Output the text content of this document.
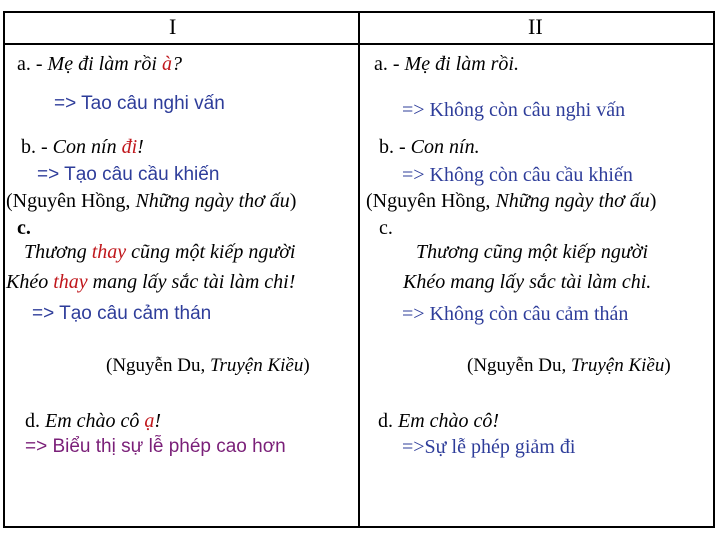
I	II
a. - Mẹ đi làm rồi à?
=> Tao câu nghi vấn
b. - Con nín đi!
=> Tạo câu cầu khiến
(Nguyên Hồng, Những ngày thơ ấu)
c.
Thương thay cũng một kiếp người
Khéo thay mang lấy sắc tài làm chi!
=> Tạo câu cảm thán
(Nguyễn Du, Truyện Kiều)
d. Em chào cô ạ!
=> Biểu thị sự lễ phép cao hơn
a. - Mẹ đi làm rồi.
=> Không còn câu nghi vấn
b. - Con nín.
=> Không còn câu cầu khiến
(Nguyên Hồng, Những ngày thơ ấu)
c.
Thương cũng một kiếp người
Khéo mang lấy sắc tài làm chi.
=> Không còn câu cảm thán
(Nguyễn Du, Truyện Kiều)
d. Em chào cô!
=>Sự lễ phép giảm đi
